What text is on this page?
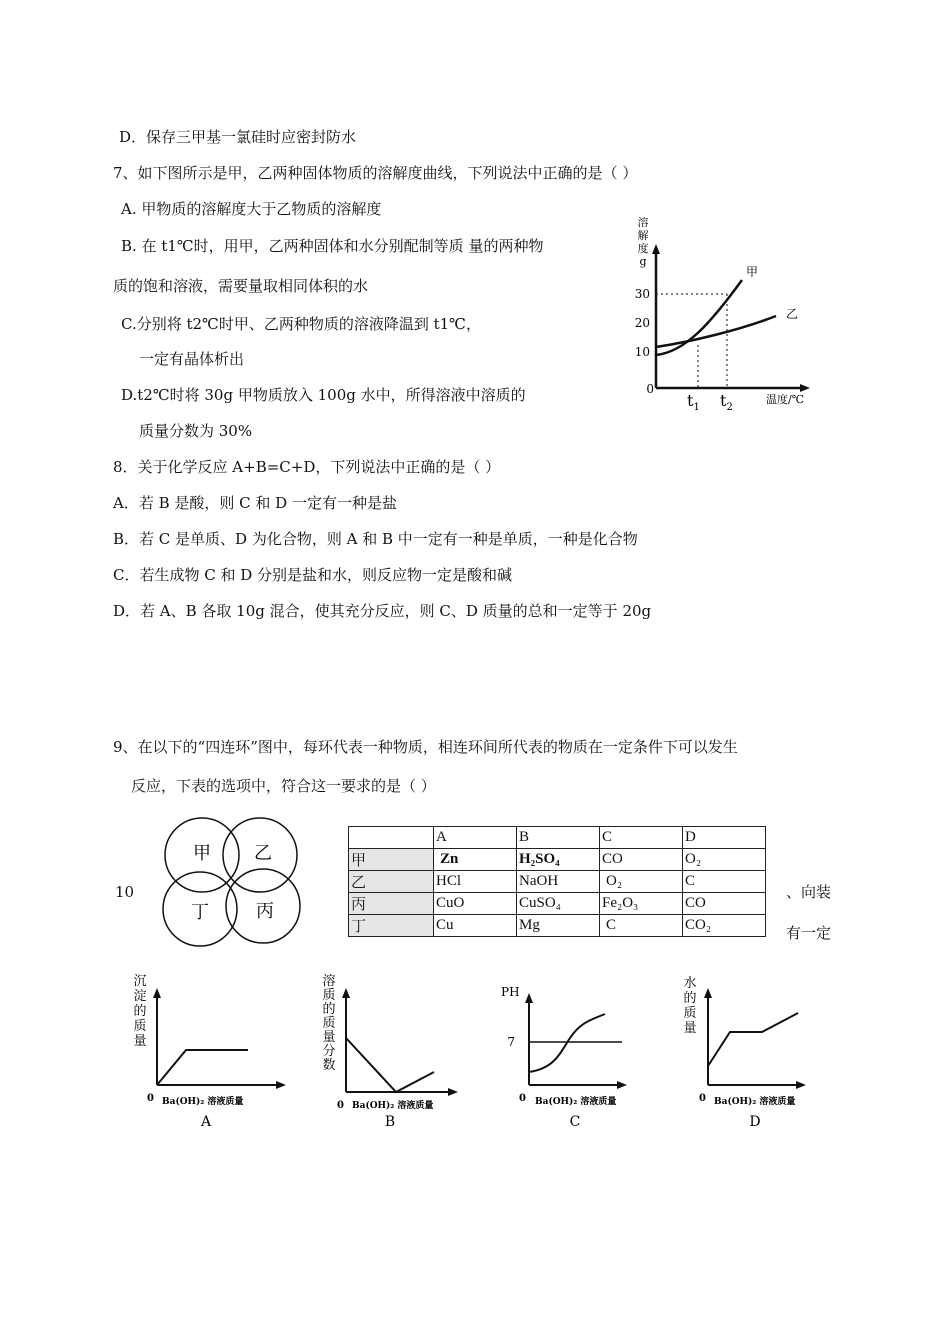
D．保存三甲基一氯硅时应密封防水
7、如下图所示是甲，乙两种固体物质的溶解度曲线，下列说法中正确的是（ ）
A. 甲物质的溶解度大于乙物质的溶解度
B. 在 t1℃时，用甲，乙两种固体和水分别配制等质 量的两种物
质的饱和溶液，需要量取相同体积的水
C.分别将 t2℃时甲、乙两种物质的溶液降温到 t1℃，
一定有晶体析出
D.t2℃时将 30g 甲物质放入 100g 水中，所得溶液中溶质的
质量分数为 30%
溶
解
度
g
30
20
10
0
甲
乙
$t_1$ $t_2$
温度/℃
8．关于化学反应 A+B=C+D，下列说法中正确的是（ ）
A．若 B 是酸，则 C 和 D 一定有一种是盐
B．若 C 是单质、D 为化合物，则 A 和 B 中一定有一种是单质，一种是化合物
C．若生成物 C 和 D 分别是盐和水，则反应物一定是酸和碱
D．若 A、B 各取 10g 混合，使其充分反应，则 C、D 质量的总和一定等于 20g
9、在以下的“四连环”图中，每环代表一种物质，相连环间所代表的物质在一定条件下可以发生
反应，下表的选项中，符合这一要求的是（ ）
甲 乙
丁	丙
	A	B	C	D
甲	Zn	H₂SO₄	CO	O₂
乙	HCl	NaOH	O₂	C
丙	CuO	CuSO₄	Fe₂O₃	CO
丁	Cu	Mg	C	CO₂
10	、向装
有一定
沉
淀
的
质
量
0 Ba(OH)₂ 溶液质量
A
溶
质
的
质
量
分
数
0 Ba(OH)₂ 溶液质量
B
PH
7
0 Ba(OH)₂ 溶液质量
C
水
的
质
量
0 Ba(OH)₂ 溶液质量
D
